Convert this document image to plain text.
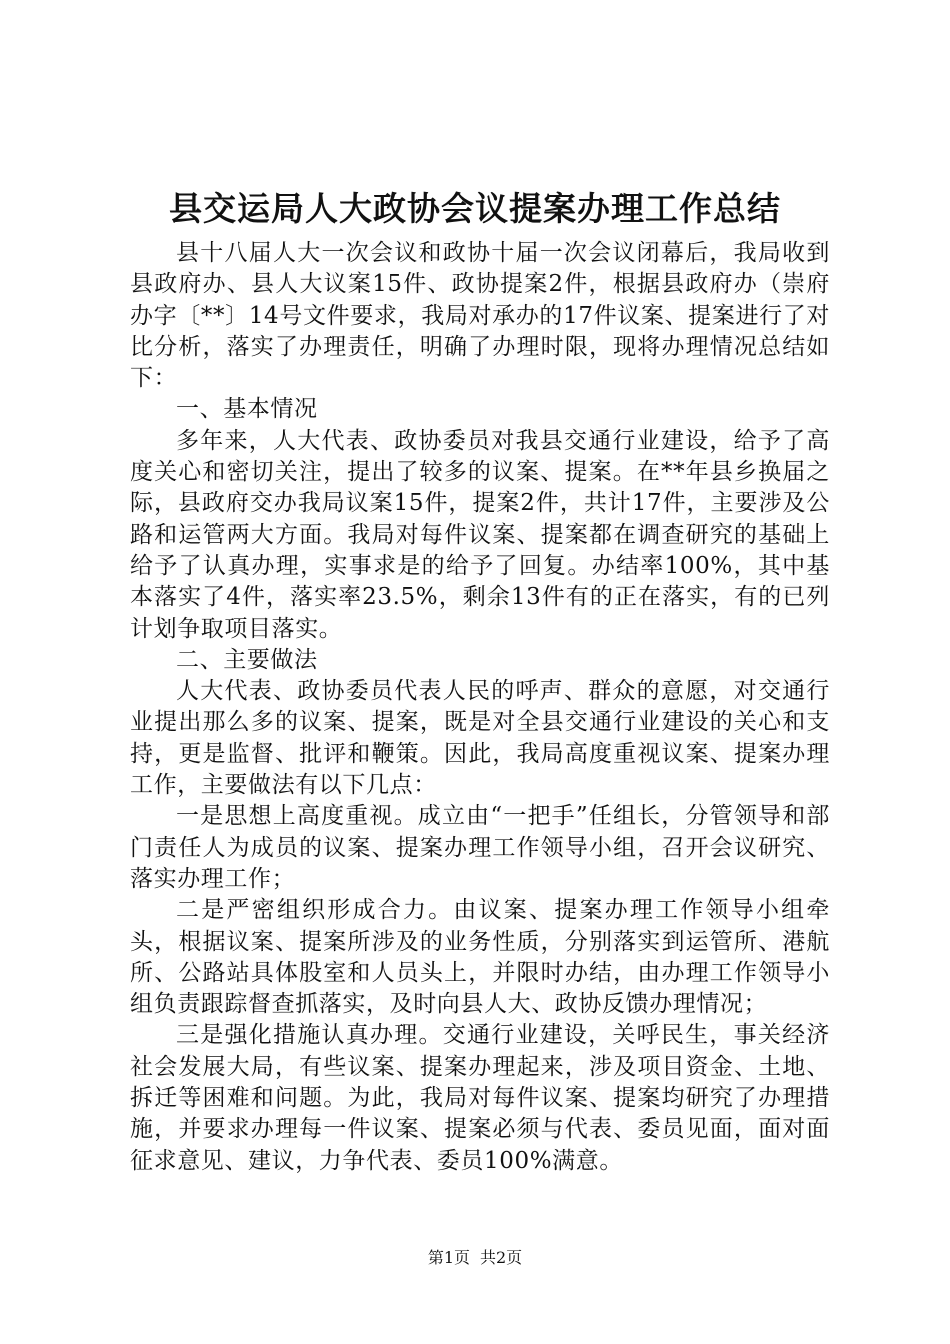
县交运局人大政协会议提案办理工作总结

县十八届人大一次会议和政协十届一次会议闭幕后，我局收到县政府办、县人大议案15件、政协提案2件，根据县政府办（崇府办字〔**〕14号文件要求，我局对承办的17件议案、提案进行了对比分析，落实了办理责任，明确了办理时限，现将办理情况总结如下：

一、基本情况

多年来，人大代表、政协委员对我县交通行业建设，给予了高度关心和密切关注，提出了较多的议案、提案。在**年县乡换届之际，县政府交办我局议案15件，提案2件，共计17件，主要涉及公路和运管两大方面。我局对每件议案、提案都在调查研究的基础上给予了认真办理，实事求是的给予了回复。办结率100%，其中基本落实了4件，落实率23.5%，剩余13件有的正在落实，有的已列计划争取项目落实。

二、主要做法

人大代表、政协委员代表人民的呼声、群众的意愿，对交通行业提出那么多的议案、提案，既是对全县交通行业建设的关心和支持，更是监督、批评和鞭策。因此，我局高度重视议案、提案办理工作，主要做法有以下几点：

一是思想上高度重视。成立由“一把手”任组长，分管领导和部门责任人为成员的议案、提案办理工作领导小组，召开会议研究、落实办理工作；

二是严密组织形成合力。由议案、提案办理工作领导小组牵头，根据议案、提案所涉及的业务性质，分别落实到运管所、港航所、公路站具体股室和人员头上，并限时办结，由办理工作领导小组负责跟踪督查抓落实，及时向县人大、政协反馈办理情况；

三是强化措施认真办理。交通行业建设，关呼民生，事关经济社会发展大局，有些议案、提案办理起来，涉及项目资金、土地、拆迁等困难和问题。为此，我局对每件议案、提案均研究了办理措施，并要求办理每一件议案、提案必须与代表、委员见面，面对面征求意见、建议，力争代表、委员100%满意。

第1页 共2页
